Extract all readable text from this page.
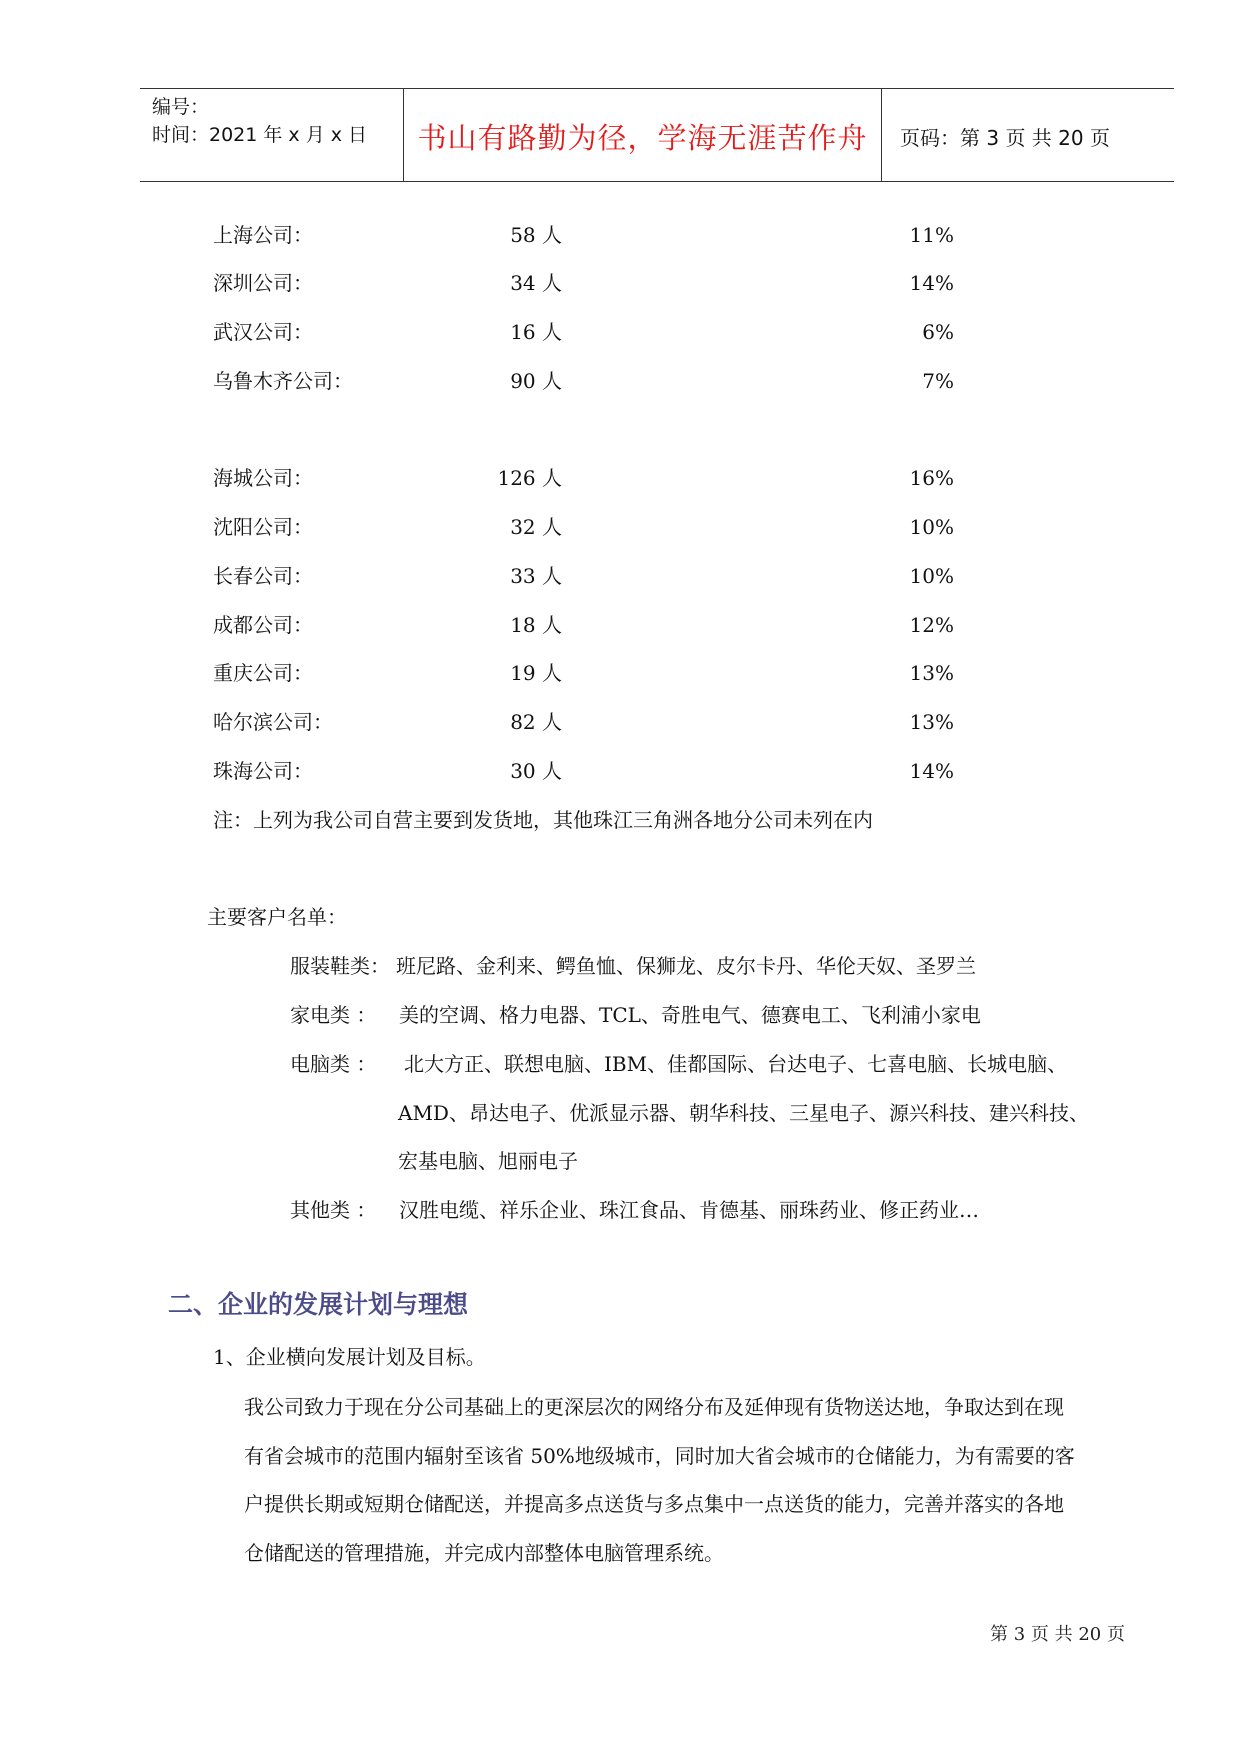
编号：
时间：2021 年 x 月 x 日	书山有路勤为径，学海无涯苦作舟	页码：第 3 页 共 20 页
上海公司：	58 人	11%
深圳公司：	34 人	14%
武汉公司：	16 人	6%
乌鲁木齐公司：	90 人	7%
海城公司：	126 人	16%
沈阳公司：	32 人	10%
长春公司：	33 人	10%
成都公司：	18 人	12%
重庆公司：	19 人	13%
哈尔滨公司：	82 人	13%
珠海公司：	30 人	14%
注：上列为我公司自营主要到发货地，其他珠江三角洲各地分公司未列在内
主要客户名单：
服装鞋类： 班尼路、金利来、鳄鱼恤、保狮龙、皮尔卡丹、华伦天奴、圣罗兰
家电类 ： 美的空调、格力电器、TCL、奇胜电气、德赛电工、飞利浦小家电
电脑类 ： 北大方正、联想电脑、IBM、佳都国际、台达电子、七喜电脑、长城电脑、
AMD、昂达电子、优派显示器、朝华科技、三星电子、源兴科技、建兴科技、
宏基电脑、旭丽电子
其他类 ： 汉胜电缆、祥乐企业、珠江食品、肯德基、丽珠药业、修正药业…
二、企业的发展计划与理想
1、企业横向发展计划及目标。
我公司致力于现在分公司基础上的更深层次的网络分布及延伸现有货物送达地，争取达到在现
有省会城市的范围内辐射至该省 50%地级城市，同时加大省会城市的仓储能力，为有需要的客
户提供长期或短期仓储配送，并提高多点送货与多点集中一点送货的能力，完善并落实的各地
仓储配送的管理措施，并完成内部整体电脑管理系统。
第 3 页 共 20 页
